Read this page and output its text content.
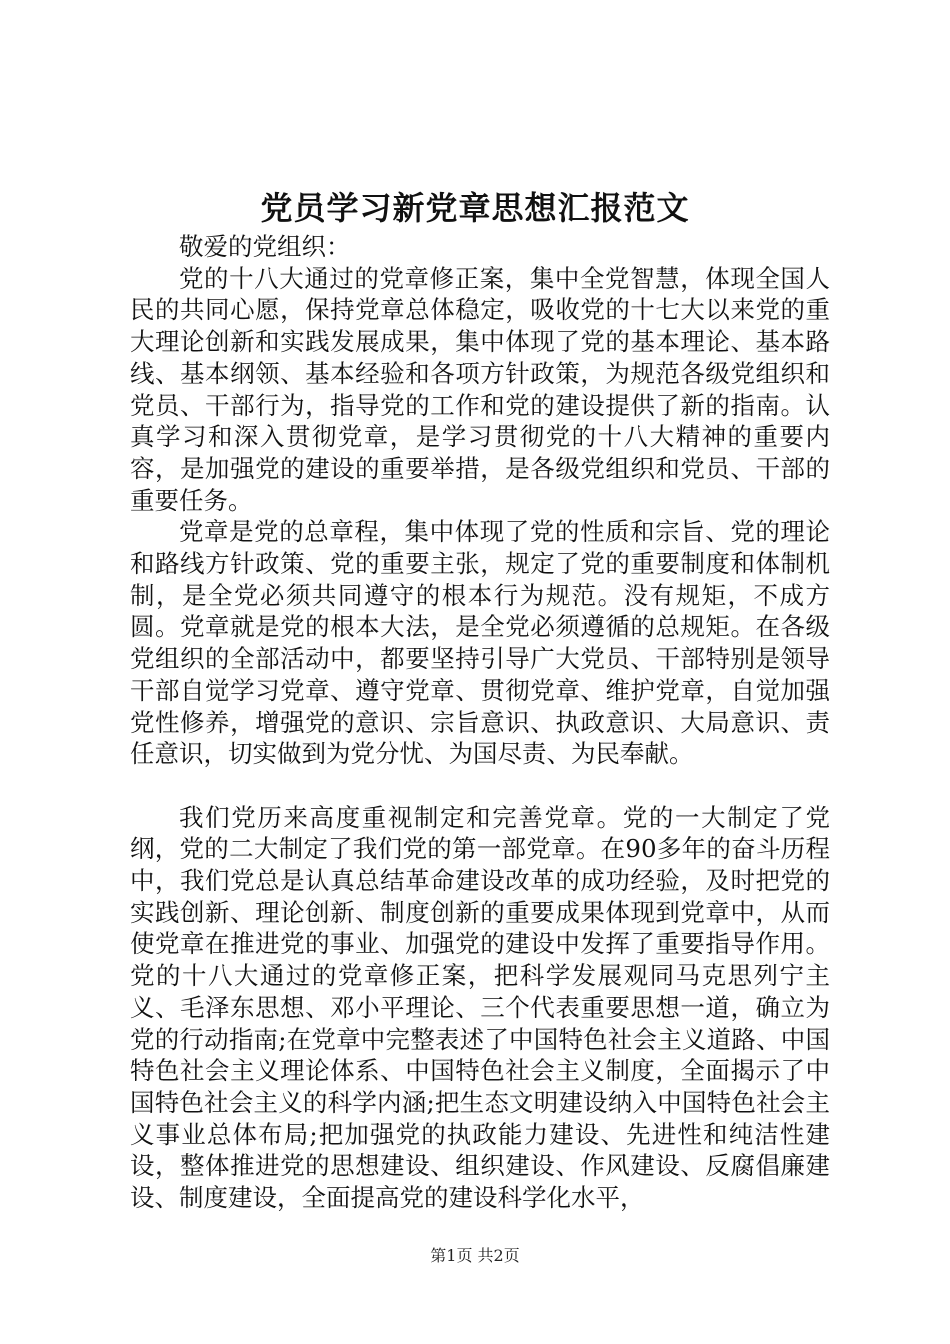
党员学习新党章思想汇报范文

敬爱的党组织：

党的十八大通过的党章修正案，集中全党智慧，体现全国人民的共同心愿，保持党章总体稳定，吸收党的十七大以来党的重大理论创新和实践发展成果，集中体现了党的基本理论、基本路线、基本纲领、基本经验和各项方针政策，为规范各级党组织和党员、干部行为，指导党的工作和党的建设提供了新的指南。认真学习和深入贯彻党章，是学习贯彻党的十八大精神的重要内容，是加强党的建设的重要举措，是各级党组织和党员、干部的重要任务。

党章是党的总章程，集中体现了党的性质和宗旨、党的理论和路线方针政策、党的重要主张，规定了党的重要制度和体制机制，是全党必须共同遵守的根本行为规范。没有规矩，不成方圆。党章就是党的根本大法，是全党必须遵循的总规矩。在各级党组织的全部活动中，都要坚持引导广大党员、干部特别是领导干部自觉学习党章、遵守党章、贯彻党章、维护党章，自觉加强党性修养，增强党的意识、宗旨意识、执政意识、大局意识、责任意识，切实做到为党分忧、为国尽责、为民奉献。

我们党历来高度重视制定和完善党章。党的一大制定了党纲，党的二大制定了我们党的第一部党章。在90多年的奋斗历程中，我们党总是认真总结革命建设改革的成功经验，及时把党的实践创新、理论创新、制度创新的重要成果体现到党章中，从而使党章在推进党的事业、加强党的建设中发挥了重要指导作用。党的十八大通过的党章修正案，把科学发展观同马克思列宁主义、毛泽东思想、邓小平理论、三个代表重要思想一道，确立为党的行动指南;在党章中完整表述了中国特色社会主义道路、中国特色社会主义理论体系、中国特色社会主义制度，全面揭示了中国特色社会主义的科学内涵;把生态文明建设纳入中国特色社会主义事业总体布局;把加强党的执政能力建设、先进性和纯洁性建设，整体推进党的思想建设、组织建设、作风建设、反腐倡廉建设、制度建设，全面提高党的建设科学化水平，

第1页 共2页
